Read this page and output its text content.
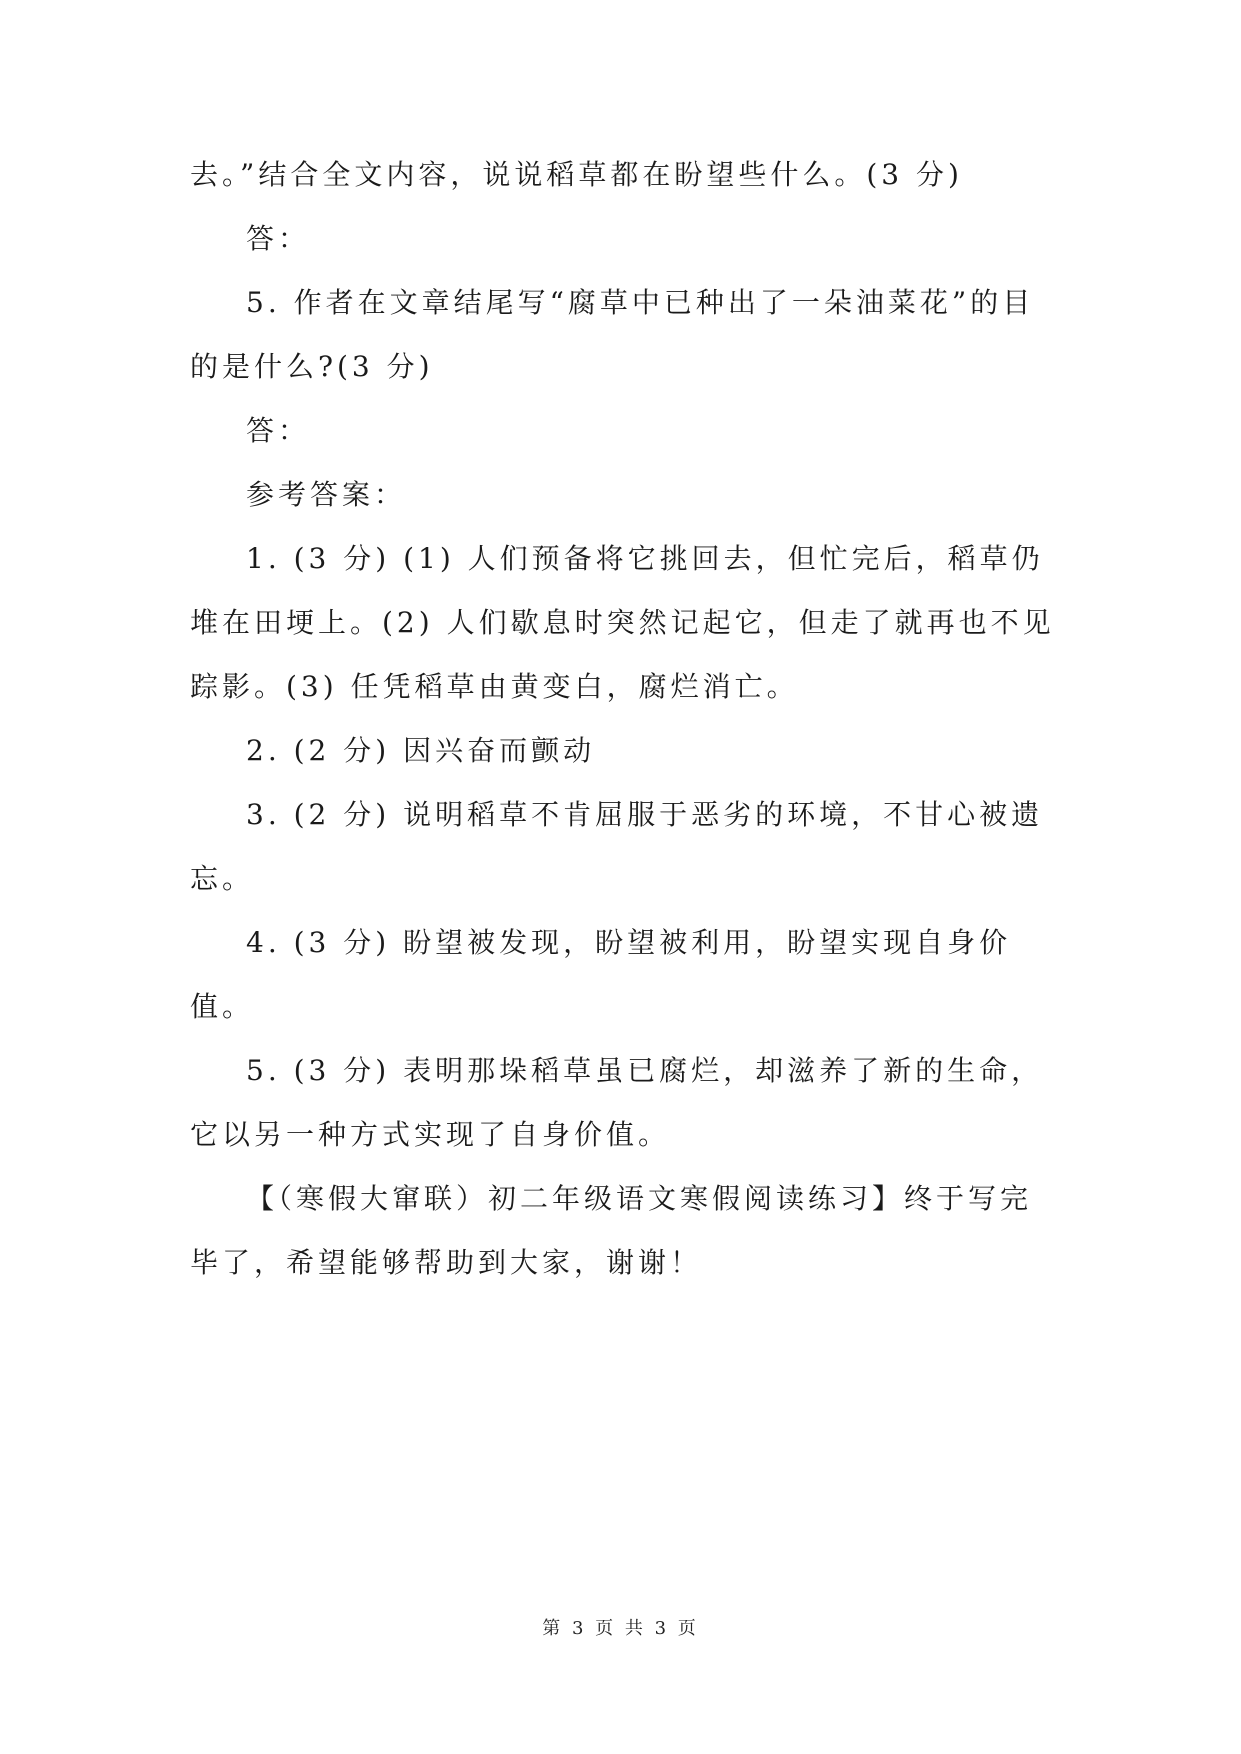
去。”结合全文内容，说说稻草都在盼望些什么。(3 分)

答：

5. 作者在文章结尾写“腐草中已种出了一朵油菜花”的目的是什么?(3 分)

答：

参考答案：

1. (3 分) (1) 人们预备将它挑回去，但忙完后，稻草仍堆在田埂上。(2) 人们歇息时突然记起它，但走了就再也不见踪影。(3) 任凭稻草由黄变白，腐烂消亡。

2. (2 分) 因兴奋而颤动

3. (2 分) 说明稻草不肯屈服于恶劣的环境，不甘心被遗忘。

4. (3 分) 盼望被发现，盼望被利用，盼望实现自身价值。

5. (3 分) 表明那垛稻草虽已腐烂，却滋养了新的生命，它以另一种方式实现了自身价值。

【（寒假大窜联）初二年级语文寒假阅读练习】终于写完毕了，希望能够帮助到大家，谢谢！

第 3 页 共 3 页
